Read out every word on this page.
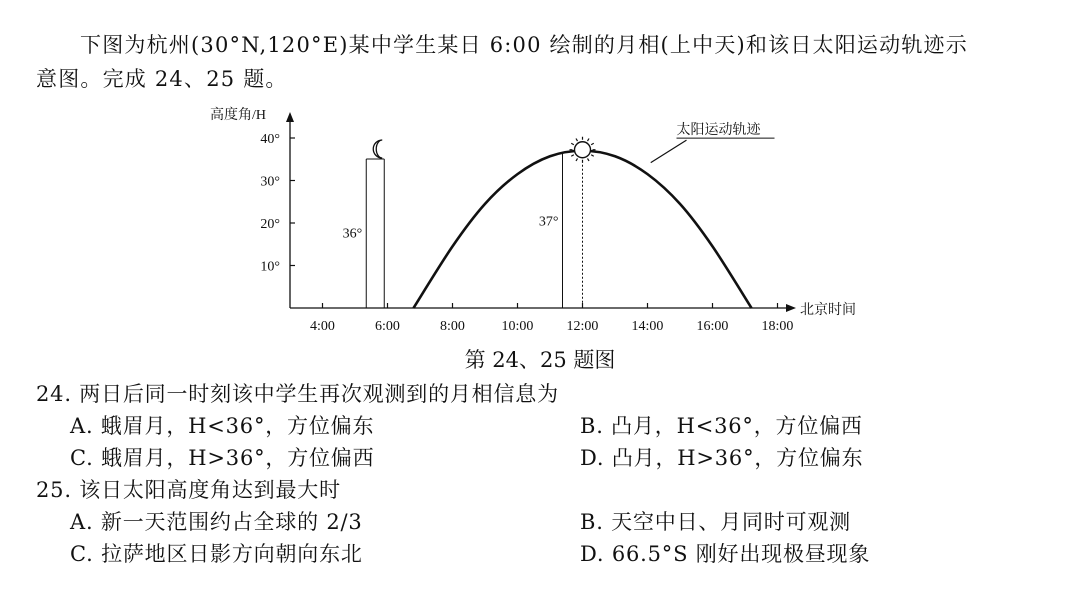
下图为杭州(30°N,120°E)某中学生某日 6:00 绘制的月相(上中天)和该日太阳运动轨迹示
意图。完成 24、25 题。
36°
37°
高度角/H
北京时间
10°
20°
30°
40°
4:00	6:00	8:00	10:00 12:00 14:00 16:00 18:00
太阳运动轨迹
第 24、25 题图
24. 两日后同一时刻该中学生再次观测到的月相信息为
A. 蛾眉月，H<36°，方位偏东	B. 凸月，H<36°，方位偏西
C. 蛾眉月，H>36°，方位偏西	D. 凸月，H>36°，方位偏东
25. 该日太阳高度角达到最大时
A. 新一天范围约占全球的 2/3	B. 天空中日、月同时可观测
C. 拉萨地区日影方向朝向东北	D. 66.5°S 刚好出现极昼现象
